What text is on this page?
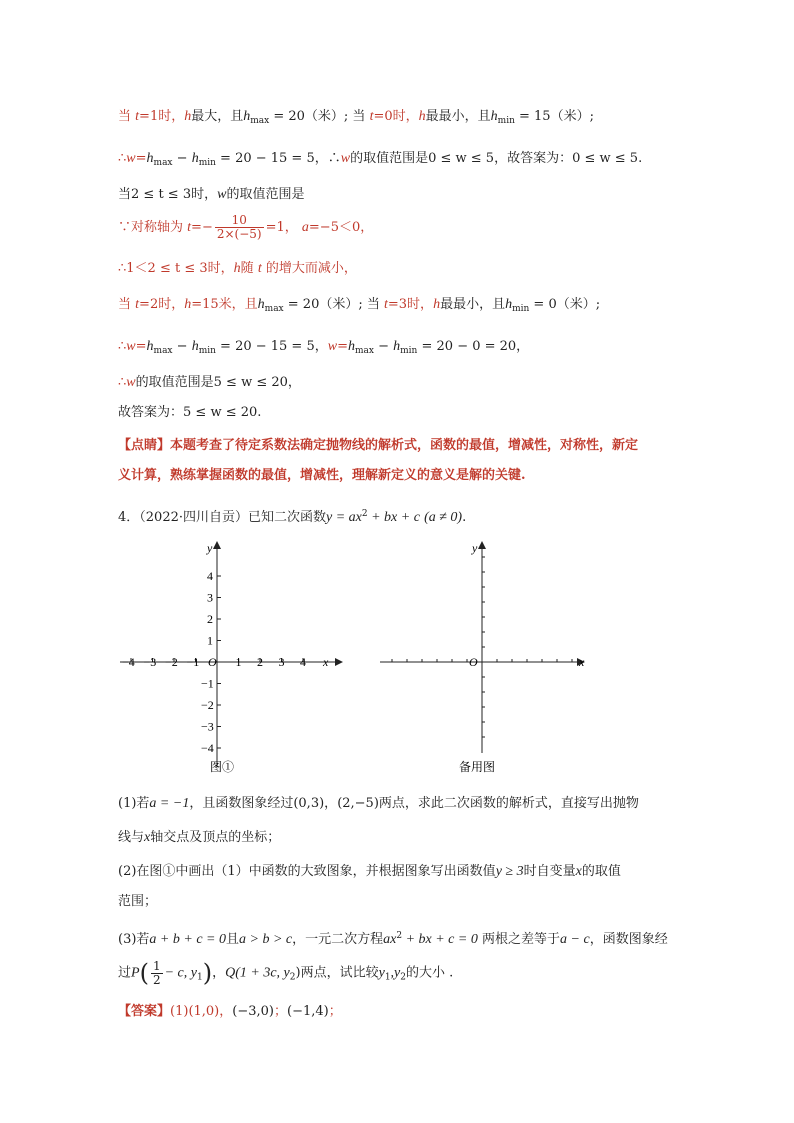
当 t=1时，h最大，且$h_{max} = 20$（米）; 当 t=0时，h最最小，且$h_{min} = 15$（米）;
$\therefore w=h_{max} - h_{min} = 20 - 15 = 5$，∴w的取值范围是0 ≤ w ≤ 5，故答案为：0 ≤ w ≤ 5.
当2 ≤ t ≤ 3时，w的取值范围是
∵对称轴为 $t=- \frac{10}{2\times(-5)} =1$， a=−5＜0，
∴1＜2 ≤ t ≤ 3时，h随 t 的增大而减小，
当 t=2时，h=15米，且$h_{max} = 20$（米）; 当 t=3时，h最最小，且$h_{min} = 0$（米）;
$\therefore w=h_{max} - h_{min} = 20 - 15 = 5$，$w=h_{max} - h_{min} = 20 - 0 = 20$，
∴w的取值范围是5 ≤ w ≤ 20，
故答案为：5 ≤ w ≤ 20.
【点睛】本题考查了待定系数法确定抛物线的解析式，函数的最值，增减性，对称性，新定
义计算，熟练掌握函数的最值，增减性，理解新定义的意义是解的关键.
4．（2022·四川自贡）已知二次函数$y = ax^2$ + bx + c (a ≠ 0).
−4 −3 −2 −1	1 2 3 4
4
3
2
1
−1
−2
−3
−4
x
y
O
图①
x
y
O
备用图
(1)若a = −1，且函数图象经过(0,3)，(2,−5)两点，求此二次函数的解析式，直接写出抛物
线与x轴交点及顶点的坐标；
(2)在图①中画出（1）中函数的大致图象，并根据图象写出函数值y ≥ 3时自变量x的取值
范围；
(3)若a + b + c = 0且a > b > c，一元二次方程$ax^2$ + bx + c = 0 两根之差等于a − c，函数图象经
过$P( \frac{1}{2} - c$, $y_1$)，Q(1 + 3c, $y_2$)两点，试比较$y_1,y_2$的大小 .
【答案】(1)(1,0)，(−3,0)；(−1,4)；
